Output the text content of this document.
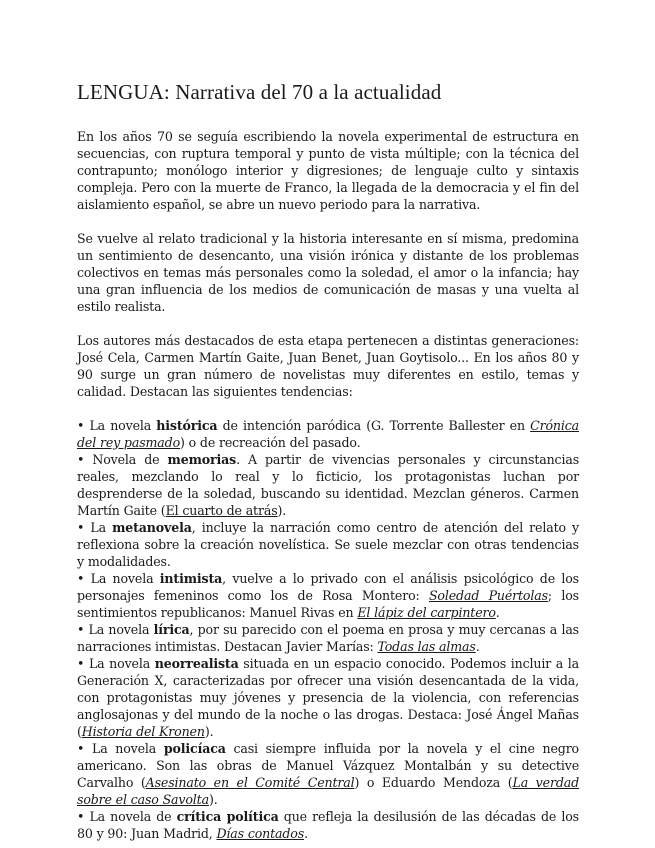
LENGUA: Narrativa del 70 a la actualidad

En los años 70 se seguía escribiendo la novela experimental de estructura en secuencias, con ruptura temporal y punto de vista múltiple; con la técnica del contrapunto; monólogo interior y digresiones; de lenguaje culto y sintaxis compleja. Pero con la muerte de Franco, la llegada de la democracia y el fin del aislamiento español, se abre un nuevo periodo para la narrativa.

Se vuelve al relato tradicional y la historia interesante en sí misma, predomina un sentimiento de desencanto, una visión irónica y distante de los problemas colectivos en temas más personales como la soledad, el amor o la infancia; hay una gran influencia de los medios de comunicación de masas y una vuelta al estilo realista.

Los autores más destacados de esta etapa pertenecen a distintas generaciones: José Cela, Carmen Martín Gaite, Juan Benet, Juan Goytisolo... En los años 80 y 90 surge un gran número de novelistas muy diferentes en estilo, temas y calidad. Destacan las siguientes tendencias:

• La novela histórica de intención paródica (G. Torrente Ballester en Crónica del rey pasmado) o de recreación del pasado.

• Novela de memorias. A partir de vivencias personales y circunstancias reales, mezclando lo real y lo ficticio, los protagonistas luchan por desprenderse de la soledad, buscando su identidad. Mezclan géneros. Carmen Martín Gaite (El cuarto de atrás).

• La metanovela, incluye la narración como centro de atención del relato y reflexiona sobre la creación novelística. Se suele mezclar con otras tendencias y modalidades.

• La novela intimista, vuelve a lo privado con el análisis psicológico de los personajes femeninos como los de Rosa Montero: Soledad Puértolas; los sentimientos republicanos: Manuel Rivas en El lápiz del carpintero.

• La novela lírica, por su parecido con el poema en prosa y muy cercanas a las narraciones intimistas. Destacan Javier Marías: Todas las almas.

• La novela neorrealista situada en un espacio conocido. Podemos incluir a la Generación X, caracterizadas por ofrecer una visión desencantada de la vida, con protagonistas muy jóvenes y presencia de la violencia, con referencias anglosajonas y del mundo de la noche o las drogas. Destaca: José Ángel Mañas (Historia del Kronen).

• La novela policíaca casi siempre influida por la novela y el cine negro americano. Son las obras de Manuel Vázquez Montalbán y su detective Carvalho (Asesinato en el Comité Central) o Eduardo Mendoza (La verdad sobre el caso Savolta).

• La novela de crítica política que refleja la desilusión de las décadas de los 80 y 90: Juan Madrid, Días contados.
